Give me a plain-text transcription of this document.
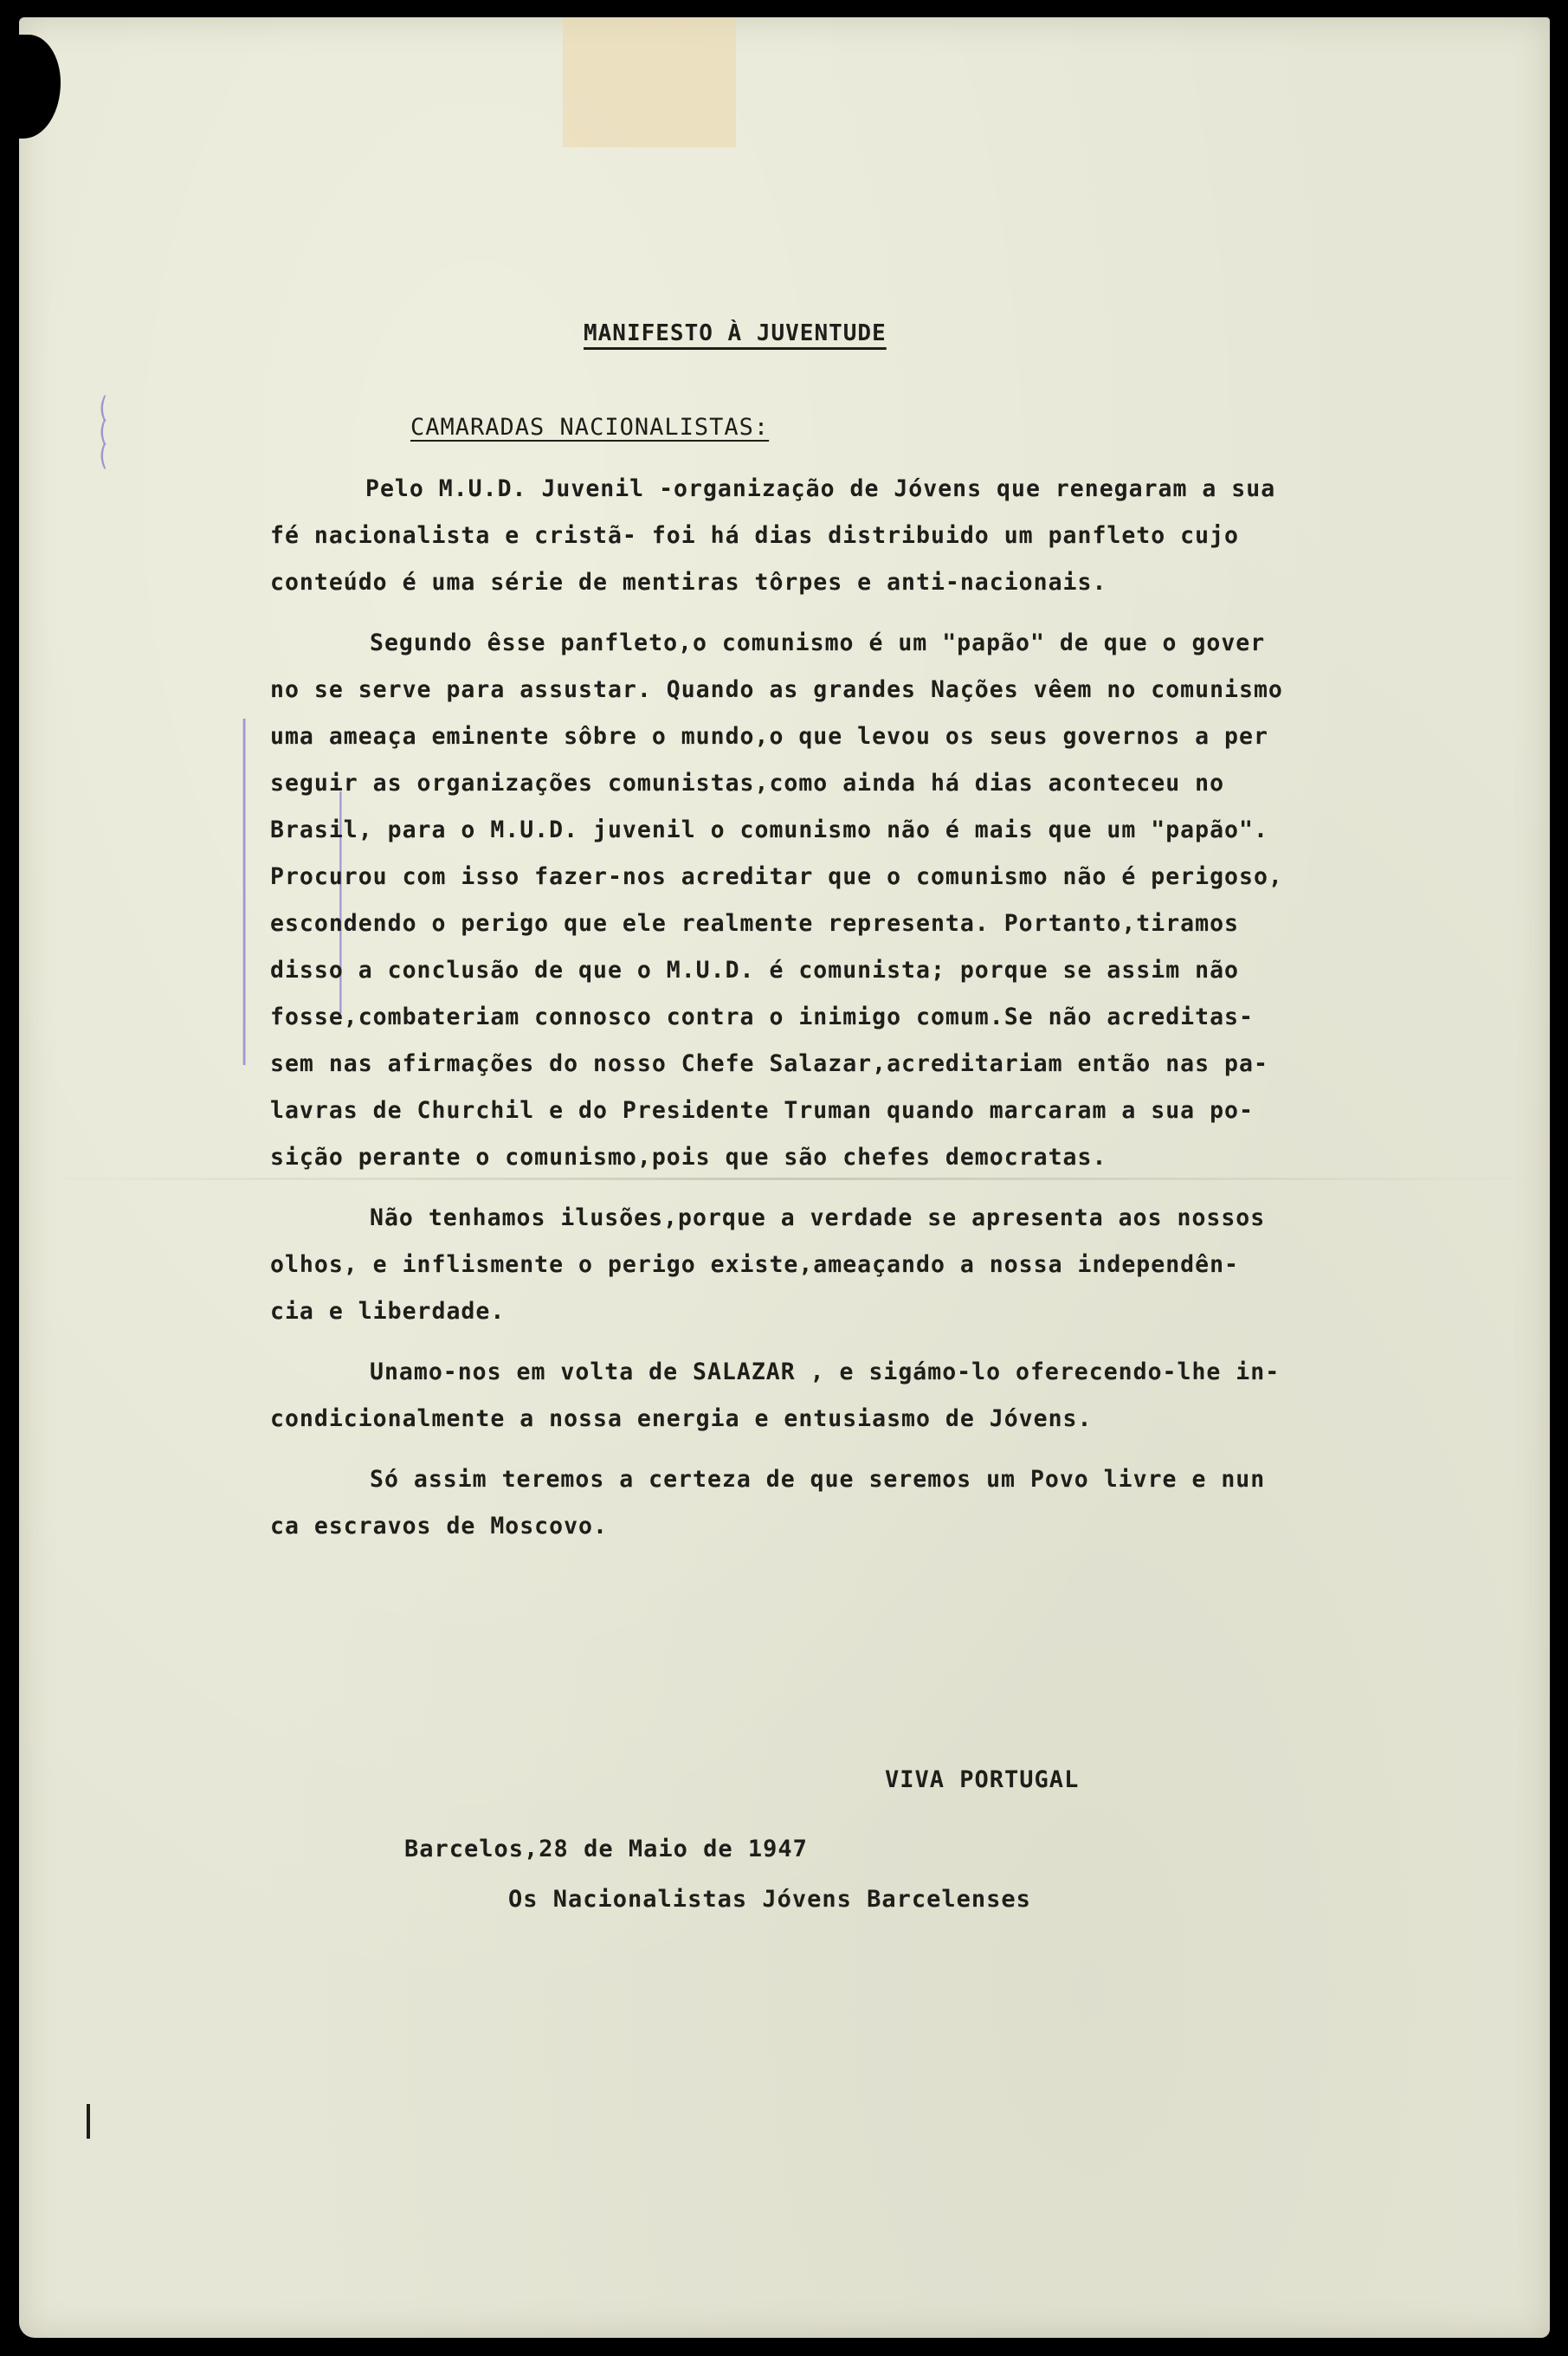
⁀⁀⁀
―――――――――― ――――――――
MANIFESTO À JUVENTUDE
CAMARADAS NACIONALISTAS:
Pelo M.U.D. Juvenil -organização de Jóvens que renegaram a sua
fé nacionalista e cristã- foi há dias distribuido um panfleto cujo
conteúdo é uma série de mentiras tôrpes e anti-nacionais.
Segundo êsse panfleto,o comunismo é um "papão" de que o gover
no se serve para assustar. Quando as grandes Nações vêem no comunismo
uma ameaça eminente sôbre o mundo,o que levou os seus governos a per
seguir as organizações comunistas,como ainda há dias aconteceu no
Brasil, para o M.U.D. juvenil o comunismo não é mais que um "papão".
Procurou com isso fazer-nos acreditar que o comunismo não é perigoso,
escondendo o perigo que ele realmente representa. Portanto,tiramos
disso a conclusão de que o M.U.D. é comunista; porque se assim não
fosse,combateriam connosco contra o inimigo comum.Se não acreditas-
sem nas afirmações do nosso Chefe Salazar,acreditariam então nas pa-
lavras de Churchil e do Presidente Truman quando marcaram a sua po-
sição perante o comunismo,pois que são chefes democratas.
Não tenhamos ilusões,porque a verdade se apresenta aos nossos
olhos, e inflismente o perigo existe,ameaçando a nossa independên-
cia e liberdade.
Unamo-nos em volta de SALAZAR , e sigámo-lo oferecendo-lhe in-
condicionalmente a nossa energia e entusiasmo de Jóvens.
Só assim teremos a certeza de que seremos um Povo livre e nun
ca escravos de Moscovo.
VIVA PORTUGAL
Barcelos,28 de Maio de 1947
Os Nacionalistas Jóvens Barcelenses
